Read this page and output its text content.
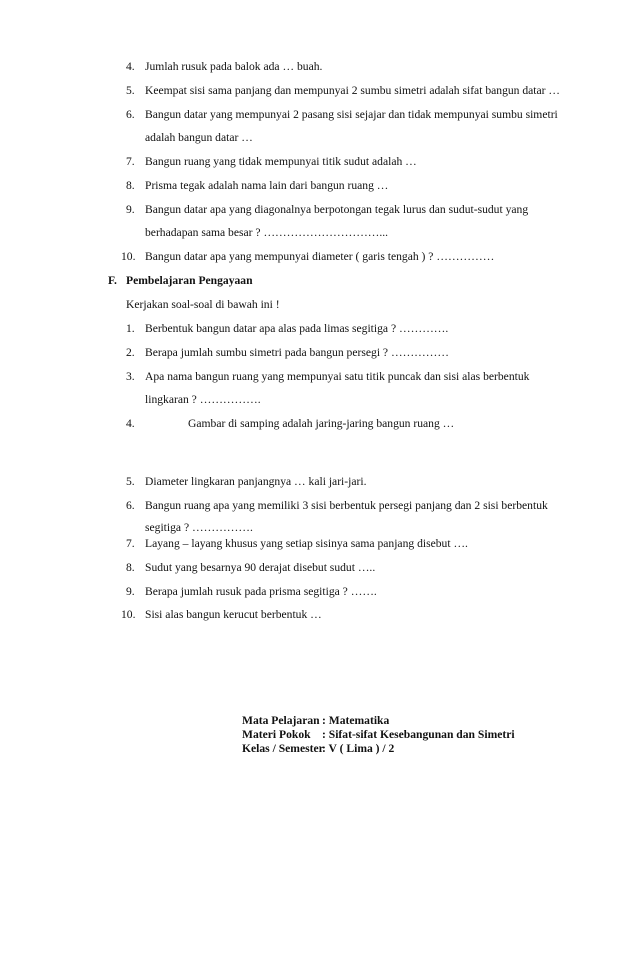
4. Jumlah rusuk pada balok ada … buah.
5. Keempat sisi sama panjang dan mempunyai 2 sumbu simetri adalah sifat bangun datar …
6. Bangun datar yang mempunyai 2 pasang sisi sejajar dan tidak mempunyai sumbu simetri
adalah bangun datar …
7. Bangun ruang yang tidak mempunyai titik sudut adalah …
8. Prisma tegak adalah nama lain dari bangun ruang …
9. Bangun datar apa yang diagonalnya berpotongan tegak lurus dan sudut-sudut yang
berhadapan sama besar ? …………………………...
10. Bangun datar apa yang mempunyai diameter ( garis tengah ) ? ……………
F. Pembelajaran Pengayaan
Kerjakan soal-soal di bawah ini !
1. Berbentuk bangun datar apa alas pada limas segitiga ? ………….
2. Berapa jumlah sumbu simetri pada bangun persegi ? ……………
3. Apa nama bangun ruang yang mempunyai satu titik puncak dan sisi alas berbentuk
lingkaran ? …………….
4.	Gambar di samping adalah jaring-jaring bangun ruang …
5. Diameter lingkaran panjangnya … kali jari-jari.
6. Bangun ruang apa yang memiliki 3 sisi berbentuk persegi panjang dan 2 sisi berbentuk
segitiga ? …………….
7. Layang – layang khusus yang setiap sisinya sama panjang disebut ….
8. Sudut yang besarnya 90 derajat disebut sudut …..
9. Berapa jumlah rusuk pada prisma segitiga ? …….
10. Sisi alas bangun kerucut berbentuk …
Mata Pelajaran : Matematika
Materi Pokok : Sifat-sifat Kesebangunan dan Simetri
Kelas / Semester: V ( Lima ) / 2
